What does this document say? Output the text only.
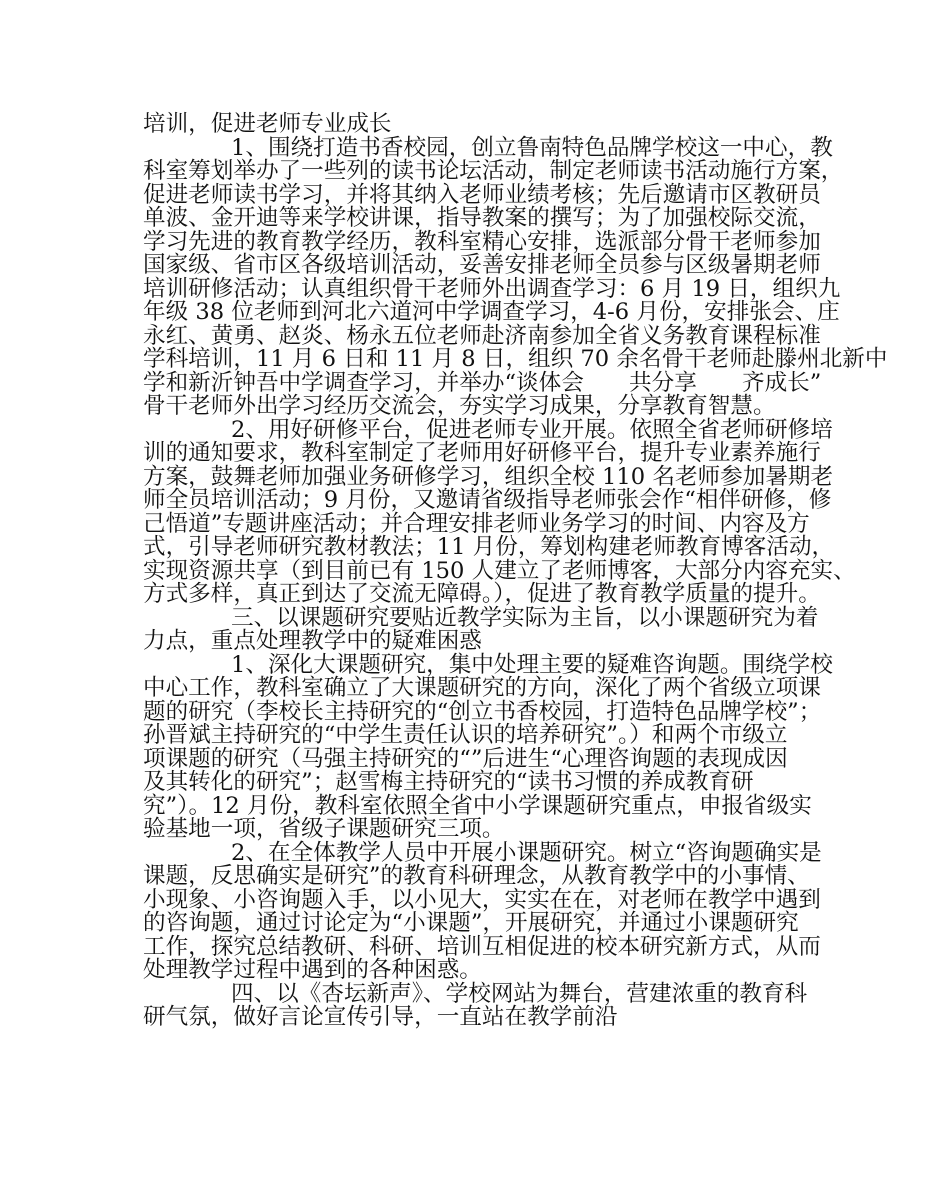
培训，促进老师专业成长
1、围绕打造书香校园，创立鲁南特色品牌学校这一中心，教
科室筹划举办了一些列的读书论坛活动，制定老师读书活动施行方案，
促进老师读书学习，并将其纳入老师业绩考核；先后邀请市区教研员
单波、金开迪等来学校讲课，指导教案的撰写；为了加强校际交流，
学习先进的教育教学经历，教科室精心安排，选派部分骨干老师参加
国家级、省市区各级培训活动，妥善安排老师全员参与区级暑期老师
培训研修活动；认真组织骨干老师外出调查学习：6 月 19 日，组织九
年级 38 位老师到河北六道河中学调查学习，4-6 月份，安排张会、庄
永红、黄勇、赵炎、杨永五位老师赴济南参加全省义务教育课程标准
学科培训，11 月 6 日和 11 月 8 日，组织 70 余名骨干老师赴滕州北新中
学和新沂钟吾中学调查学习，并举办“谈体会　　共分享　　齐成长”
骨干老师外出学习经历交流会，夯实学习成果，分享教育智慧。
2、用好研修平台，促进老师专业开展。依照全省老师研修培
训的通知要求，教科室制定了老师用好研修平台，提升专业素养施行
方案，鼓舞老师加强业务研修学习，组织全校 110 名老师参加暑期老
师全员培训活动；9 月份，又邀请省级指导老师张会作“相伴研修，修
己悟道”专题讲座活动；并合理安排老师业务学习的时间、内容及方
式，引导老师研究教材教法；11 月份，筹划构建老师教育博客活动，
实现资源共享（到目前已有 150 人建立了老师博客，大部分内容充实、
方式多样，真正到达了交流无障碍。），促进了教育教学质量的提升。
三、以课题研究要贴近教学实际为主旨，以小课题研究为着
力点，重点处理教学中的疑难困惑
1、深化大课题研究，集中处理主要的疑难咨询题。围绕学校
中心工作，教科室确立了大课题研究的方向，深化了两个省级立项课
题的研究（李校长主持研究的“创立书香校园，打造特色品牌学校”；
孙晋斌主持研究的“中学生责任认识的培养研究”。）和两个市级立
项课题的研究（马强主持研究的“”后进生“心理咨询题的表现成因
及其转化的研究”；赵雪梅主持研究的“读书习惯的养成教育研
究”）。12 月份，教科室依照全省中小学课题研究重点，申报省级实
验基地一项，省级子课题研究三项。
2、在全体教学人员中开展小课题研究。树立“咨询题确实是
课题，反思确实是研究”的教育科研理念，从教育教学中的小事情、
小现象、小咨询题入手，以小见大，实实在在，对老师在教学中遇到
的咨询题，通过讨论定为“小课题”，开展研究，并通过小课题研究
工作，探究总结教研、科研、培训互相促进的校本研究新方式，从而
处理教学过程中遇到的各种困惑。
四、以《杏坛新声》、学校网站为舞台，营建浓重的教育科
研气氛，做好言论宣传引导，一直站在教学前沿
